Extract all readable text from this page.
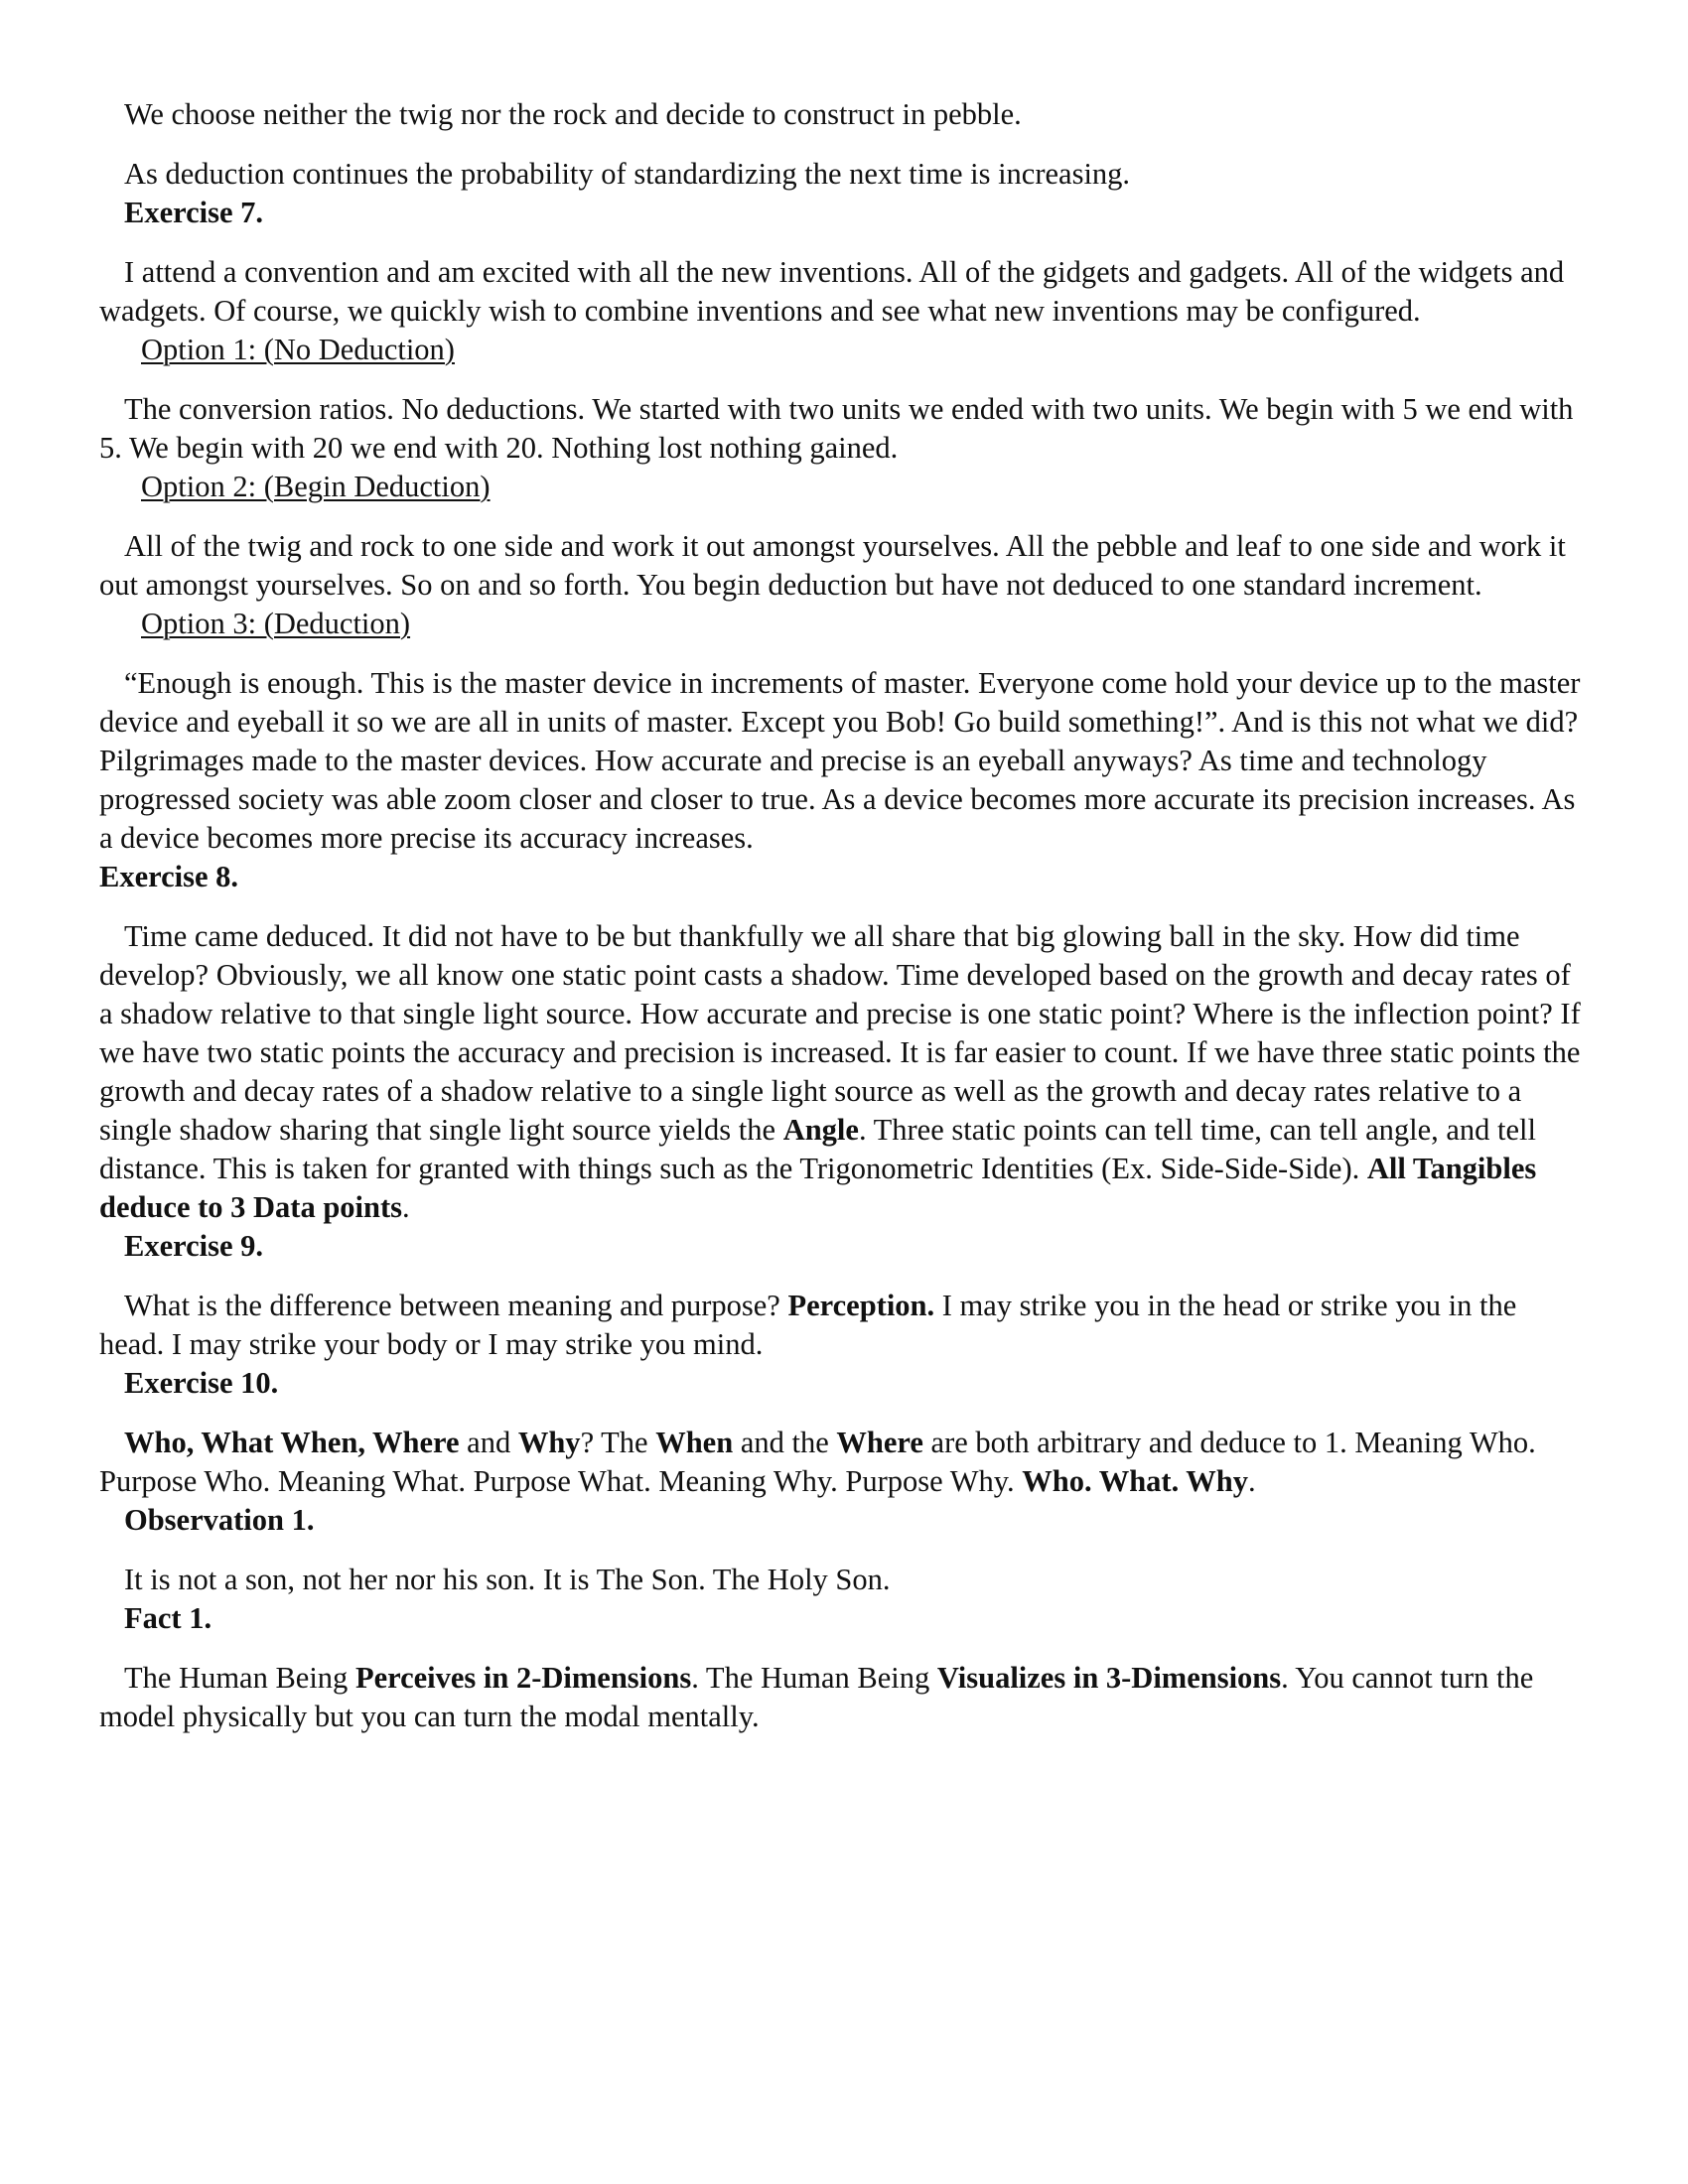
We choose neither the twig nor the rock and decide to construct in pebble.

As deduction continues the probability of standardizing the next time is increasing.

Exercise 7.

I attend a convention and am excited with all the new inventions. All of the gidgets and gadgets. All of the widgets and wadgets. Of course, we quickly wish to combine inventions and see what new inventions may be configured.

Option 1: (No Deduction)

The conversion ratios. No deductions. We started with two units we ended with two units. We begin with 5 we end with 5. We begin with 20 we end with 20. Nothing lost nothing gained.

Option 2: (Begin Deduction)

All of the twig and rock to one side and work it out amongst yourselves. All the pebble and leaf to one side and work it out amongst yourselves. So on and so forth. You begin deduction but have not deduced to one standard increment.

Option 3: (Deduction)

“Enough is enough. This is the master device in increments of master. Everyone come hold your device up to the master device and eyeball it so we are all in units of master. Except you Bob! Go build something!”. And is this not what we did? Pilgrimages made to the master devices. How accurate and precise is an eyeball anyways? As time and technology progressed society was able zoom closer and closer to true. As a device becomes more accurate its precision increases. As a device becomes more precise its accuracy increases.

Exercise 8.

Time came deduced. It did not have to be but thankfully we all share that big glowing ball in the sky. How did time develop? Obviously, we all know one static point casts a shadow. Time developed based on the growth and decay rates of a shadow relative to that single light source. How accurate and precise is one static point? Where is the inflection point? If we have two static points the accuracy and precision is increased. It is far easier to count. If we have three static points the growth and decay rates of a shadow relative to a single light source as well as the growth and decay rates relative to a single shadow sharing that single light source yields the Angle. Three static points can tell time, can tell angle, and tell distance. This is taken for granted with things such as the Trigonometric Identities (Ex. Side-Side-Side). All Tangibles deduce to 3 Data points.

Exercise 9.

What is the difference between meaning and purpose? Perception. I may strike you in the head or strike you in the head. I may strike your body or I may strike you mind.

Exercise 10.

Who, What When, Where and Why? The When and the Where are both arbitrary and deduce to 1. Meaning Who. Purpose Who. Meaning What. Purpose What. Meaning Why. Purpose Why. Who. What. Why.

Observation 1.

It is not a son, not her nor his son. It is The Son. The Holy Son.

Fact 1.

The Human Being Perceives in 2-Dimensions. The Human Being Visualizes in 3-Dimensions. You cannot turn the model physically but you can turn the modal mentally.
